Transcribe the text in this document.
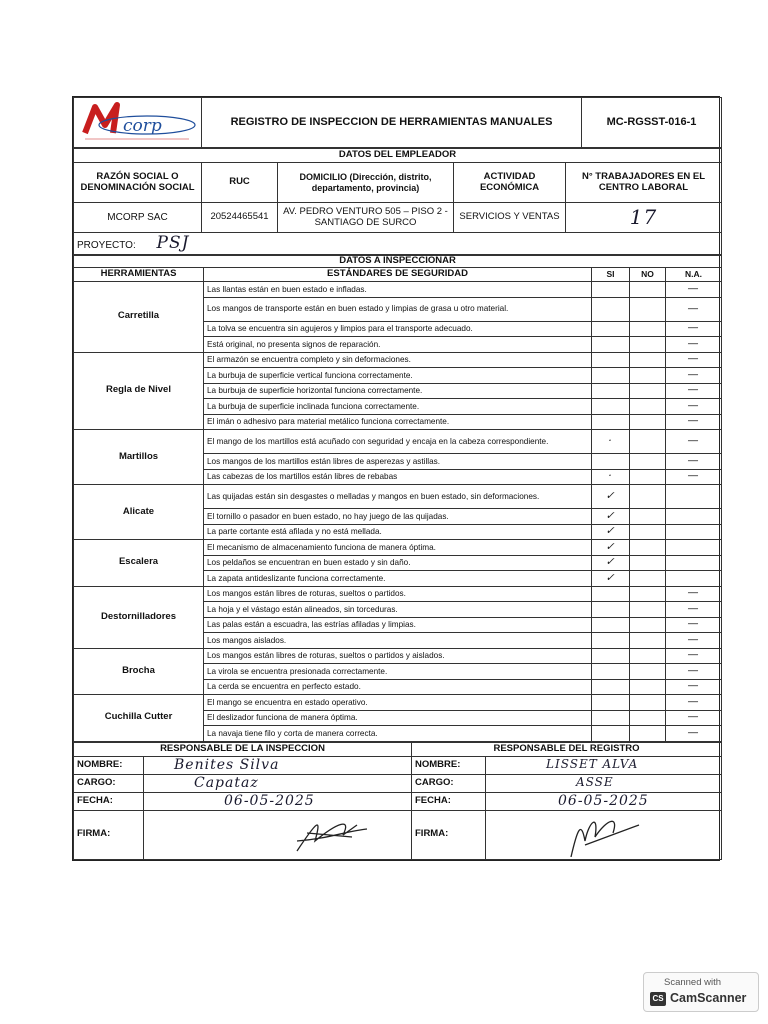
corp	REGISTRO DE INSPECCION DE HERRAMIENTAS MANUALES	MC-RGSST-016-1
DATOS DEL EMPLEADOR				
RAZÓN SOCIAL O DENOMINACIÓN SOCIAL	RUC	DOMICILIO (Dirección, distrito, departamento, provincia)	ACTIVIDAD ECONÓMICA	N° TRABAJADORES EN EL CENTRO LABORAL
MCORP SAC	20524465541	AV. PEDRO VENTURO 505 – PISO 2 - SANTIAGO DE SURCO	SERVICIOS Y VENTAS	17
PROYECTO: PSJ				
DATOS A INSPECCIONAR				
HERRAMIENTAS	ESTÁNDARES DE SEGURIDAD	SI	NO	N.A.
Carretilla	Las llantas están en buen estado e infladas.			—
	Los mangos de transporte están en buen estado y limpias de grasa u otro material.			—
	La tolva se encuentra sin agujeros y limpios para el transporte adecuado.			—
	Está original, no presenta signos de reparación.			—
Regla de Nivel	El armazón se encuentra completo y sin deformaciones.			—
	La burbuja de superficie vertical funciona correctamente.			—
	La burbuja de superficie horizontal funciona correctamente.			—
	La burbuja de superficie inclinada funciona correctamente.			—
	El imán o adhesivo para material metálico funciona correctamente.			—
Martillos	El mango de los martillos está acuñado con seguridad y encaja en la cabeza correspondiente.	·		—
	Los mangos de los martillos están libres de asperezas y astillas.			—
	Las cabezas de los martillos están libres de rebabas	·		—
Alicate	Las quijadas están sin desgastes o melladas y mangos en buen estado, sin deformaciones.	✓		
	El tornillo o pasador en buen estado, no hay juego de las quijadas.	✓		
	La parte cortante está afilada y no está mellada.	✓		
Escalera	El mecanismo de almacenamiento funciona de manera óptima.	✓		
	Los peldaños se encuentran en buen estado y sin daño.	✓		
	La zapata antideslizante funciona correctamente.	✓		
Destornilladores	Los mangos están libres de roturas, sueltos o partidos.			—
	La hoja y el vástago están alineados, sin torceduras.			—
	Las palas están a escuadra, las estrías afiladas y limpias.			—
	Los mangos aislados.			—
Brocha	Los mangos están libres de roturas, sueltos o partidos y aislados.			—
	La virola se encuentra presionada correctamente.			—
	La cerda se encuentra en perfecto estado.			—
Cuchilla Cutter	El mango se encuentra en estado operativo.			—
	El deslizador funciona de manera óptima.			—
	La navaja tiene filo y corta de manera correcta.			—
RESPONSABLE DE LA INSPECCION		RESPONSABLE DEL REGISTRO	
NOMBRE:	Benites Silva	NOMBRE:	LISSET ALVA
CARGO:	Capataz	CARGO:	ASSE
FECHA:	06-05-2025	FECHA:	06-05-2025
FIRMA:		FIRMA:	
Scanned with
CS CamScanner
